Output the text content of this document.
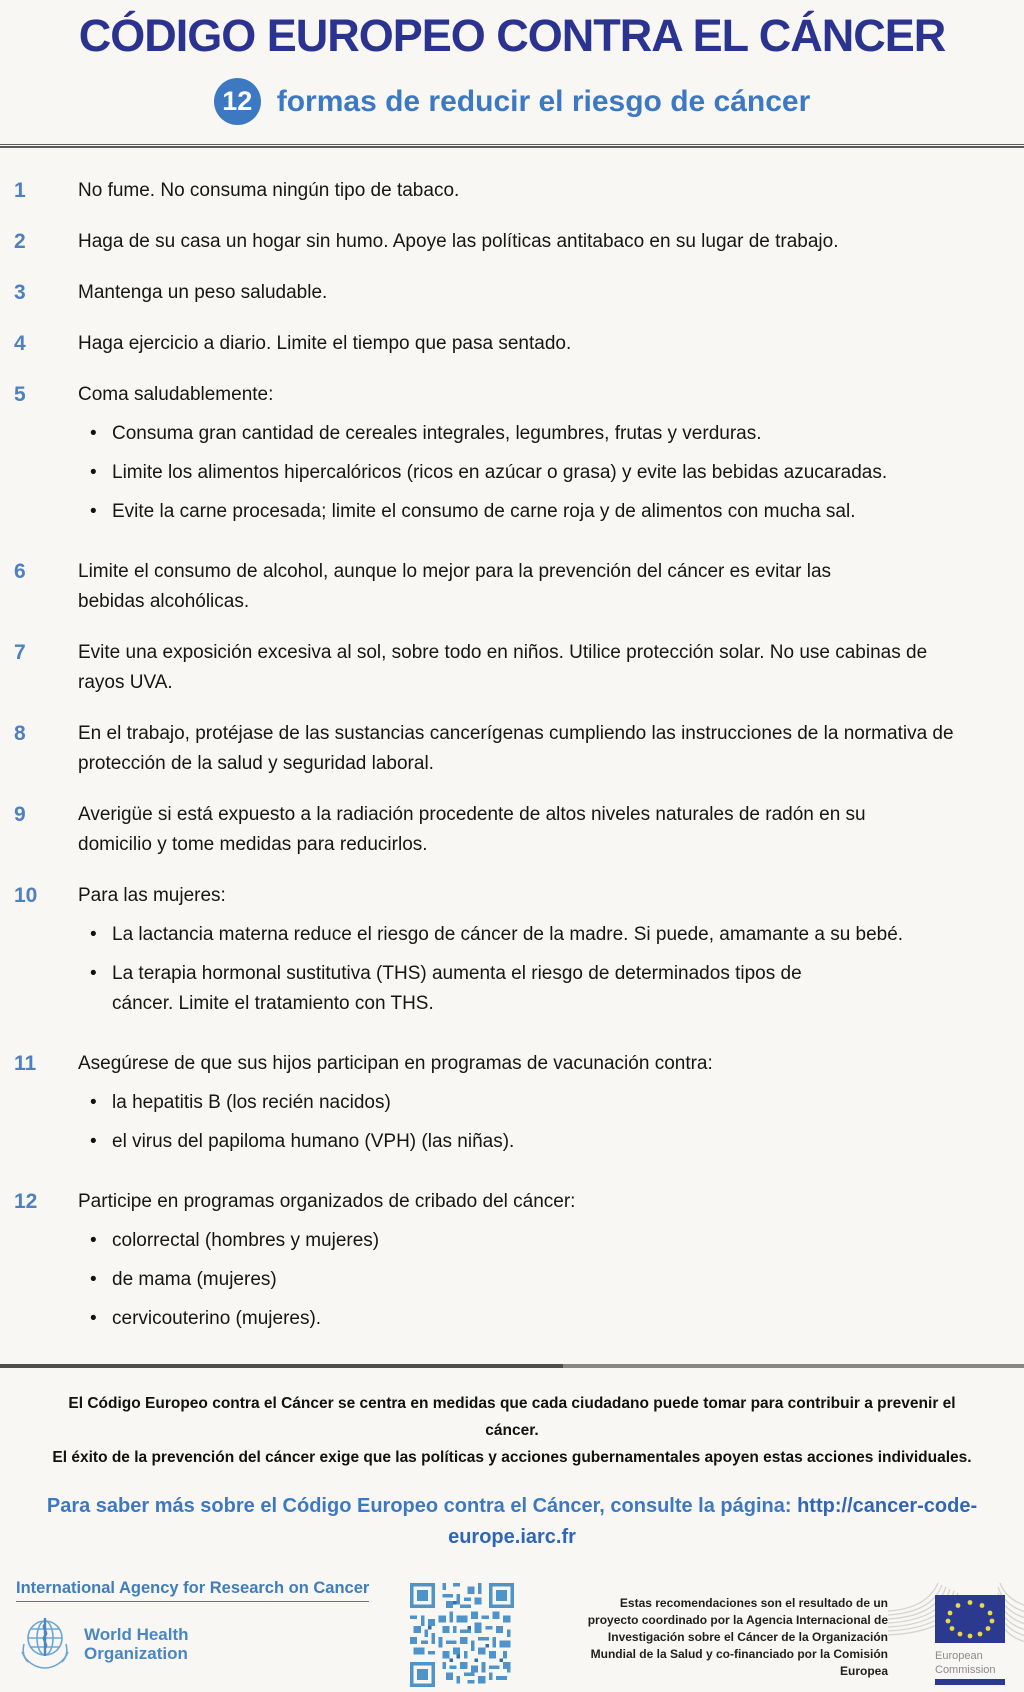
CÓDIGO EUROPEO CONTRA EL CÁNCER
12 formas de reducir el riesgo de cáncer
1	No fume. No consuma ningún tipo de tabaco.

2	Haga de su casa un hogar sin humo. Apoye las políticas antitabaco en su lugar de trabajo.

3	Mantenga un peso saludable.

4	Haga ejercicio a diario. Limite el tiempo que pasa sentado.

5	Coma saludablemente:

• Consuma gran cantidad de cereales integrales, legumbres, frutas y verduras.
• Limite los alimentos hipercalóricos (ricos en azúcar o grasa) y evite las bebidas azucaradas.
• Evite la carne procesada; limite el consumo de carne roja y de alimentos con mucha sal.
6	Limite el consumo de alcohol, aunque lo mejor para la prevención del cáncer es evitar las bebidas alcohólicas.

7	Evite una exposición excesiva al sol, sobre todo en niños. Utilice protección solar. No use cabinas de rayos UVA.

8	En el trabajo, protéjase de las sustancias cancerígenas cumpliendo las instrucciones de la normativa de protección de la salud y seguridad laboral.

9	Averigüe si está expuesto a la radiación procedente de altos niveles naturales de radón en su domicilio y tome medidas para reducirlos.

10	Para las mujeres:

• La lactancia materna reduce el riesgo de cáncer de la madre. Si puede, amamante a su bebé.
• La terapia hormonal sustitutiva (THS) aumenta el riesgo de determinados tipos de cáncer. Limite el tratamiento con THS.
11	Asegúrese de que sus hijos participan en programas de vacunación contra:

• la hepatitis B (los recién nacidos)
• el virus del papiloma humano (VPH) (las niñas).
12	Participe en programas organizados de cribado del cáncer:

• colorrectal (hombres y mujeres)
• de mama (mujeres)
• cervicouterino (mujeres).

El Código Europeo contra el Cáncer se centra en medidas que cada ciudadano puede tomar para contribuir a prevenir el cáncer.
El éxito de la prevención del cáncer exige que las políticas y acciones gubernamentales apoyen estas acciones individuales.

Para saber más sobre el Código Europeo contra el Cáncer, consulte la página: http://cancer-code-europe.iarc.fr

International Agency for Research on Cancer
World Health
Organization
Estas recomendaciones son el resultado de un proyecto coordinado por la Agencia Internacional de Investigación sobre el Cáncer de la Organización Mundial de la Salud y co-financiado por la Comisión Europea
European
Commission
